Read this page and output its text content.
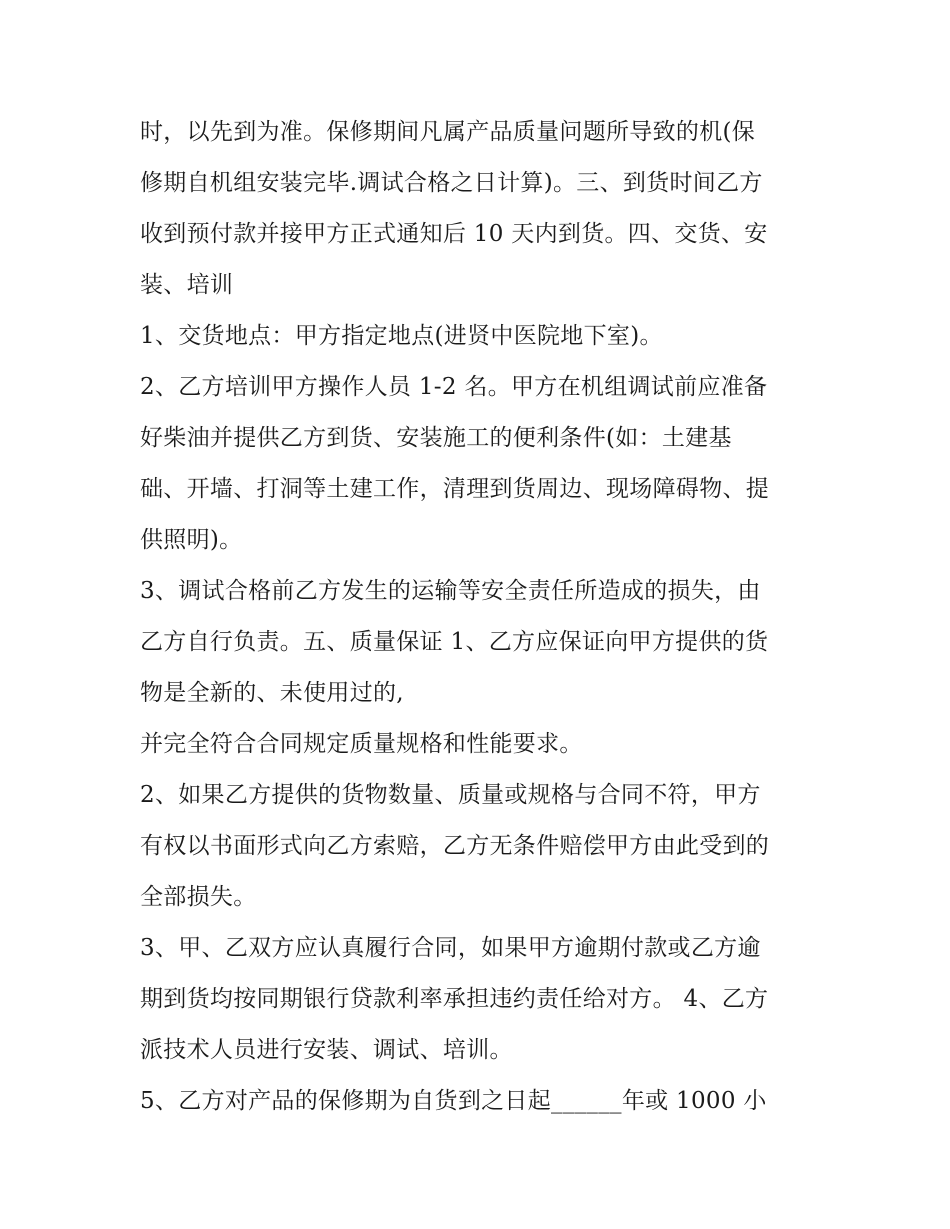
时，以先到为准。保修期间凡属产品质量问题所导致的机(保
修期自机组安装完毕.调试合格之日计算)。三、到货时间乙方
收到预付款并接甲方正式通知后 10 天内到货。四、交货、安
装、培训
1、交货地点：甲方指定地点(进贤中医院地下室)。
2、乙方培训甲方操作人员 1-2 名。甲方在机组调试前应准备
好柴油并提供乙方到货、安装施工的便利条件(如：土建基
础、开墙、打洞等土建工作，清理到货周边、现场障碍物、提
供照明)。
3、调试合格前乙方发生的运输等安全责任所造成的损失，由
乙方自行负责。五、质量保证 1、乙方应保证向甲方提供的货
物是全新的、未使用过的,
并完全符合合同规定质量规格和性能要求。
2、如果乙方提供的货物数量、质量或规格与合同不符，甲方
有权以书面形式向乙方索赔，乙方无条件赔偿甲方由此受到的
全部损失。
3、甲、乙双方应认真履行合同，如果甲方逾期付款或乙方逾
期到货均按同期银行贷款利率承担违约责任给对方。 4、乙方
派技术人员进行安装、调试、培训。
5、乙方对产品的保修期为自货到之日起______年或 1000 小
